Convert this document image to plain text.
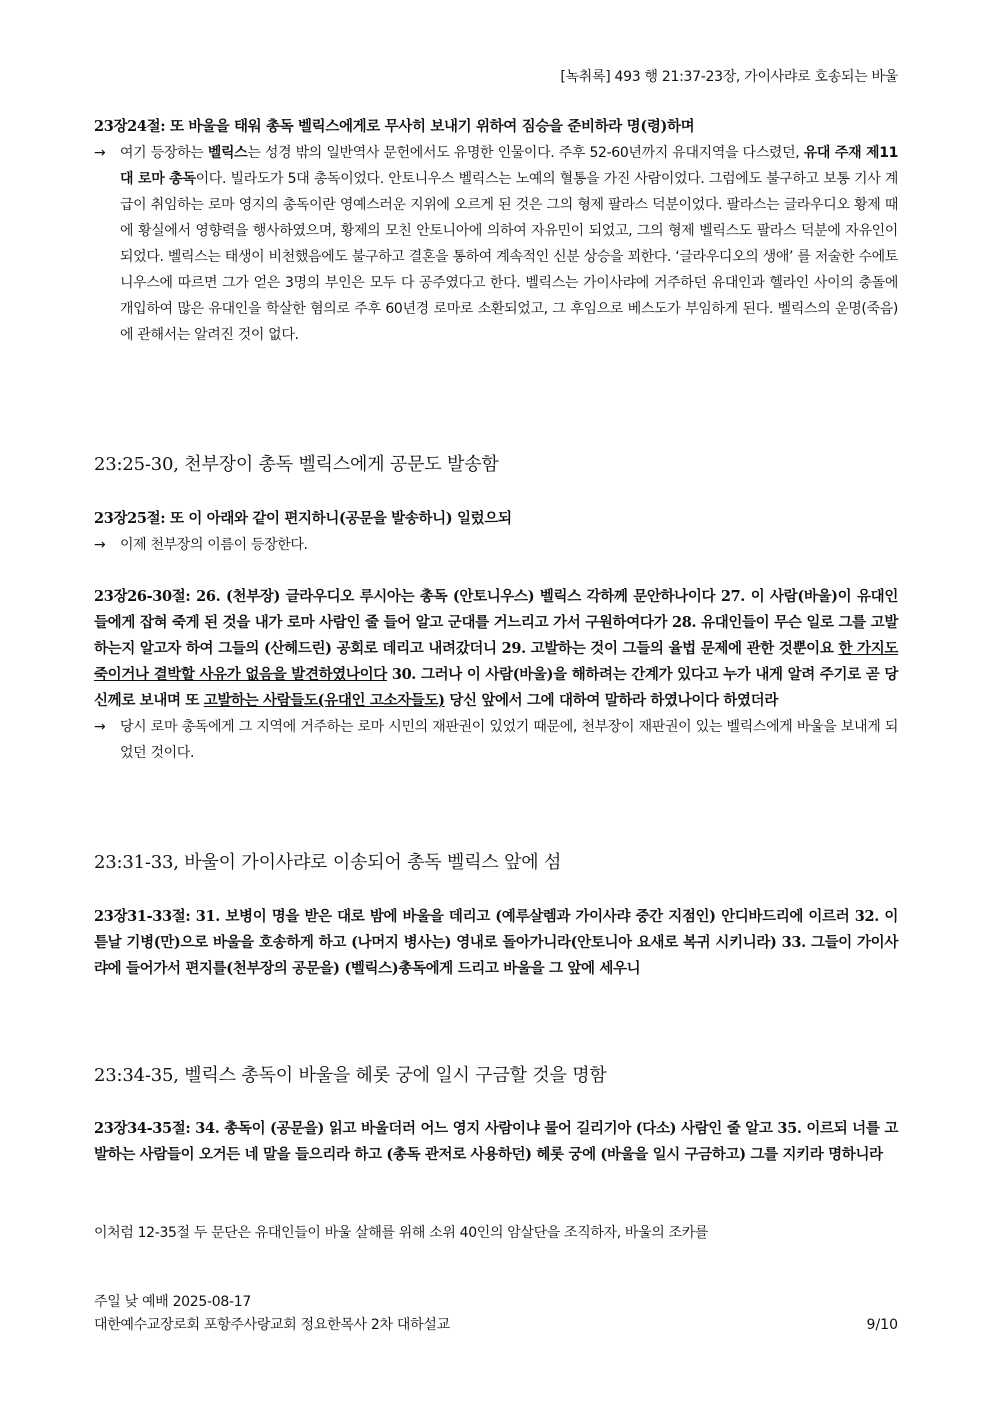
[녹취록] 493 행 21:37-23장, 가이사랴로 호송되는 바울
23장24절: 또 바울을 태워 총독 벨릭스에게로 무사히 보내기 위하여 짐승을 준비하라 명(령)하며
→	여기 등장하는 벨릭스는 성경 밖의 일반역사 문헌에서도 유명한 인물이다. 주후 52-60년까지 유대지역을 다스렸던, 유대 주재 제11대 로마 총독이다. 빌라도가 5대 총독이었다. 안토니우스 벨릭스는 노예의 혈통을 가진 사람이었다. 그럼에도 불구하고 보통 기사 계급이 취임하는 로마 영지의 총독이란 영예스러운 지위에 오르게 된 것은 그의 형제 팔라스 덕분이었다. 팔라스는 글라우디오 황제 때에 황실에서 영향력을 행사하였으며, 황제의 모친 안토니아에 의하여 자유민이 되었고, 그의 형제 벨릭스도 팔라스 덕분에 자유인이 되었다. 벨릭스는 태생이 비천했음에도 불구하고 결혼을 통하여 계속적인 신분 상승을 꾀한다. ‘글라우디오의 생애’ 를 저술한 수에토니우스에 따르면 그가 얻은 3명의 부인은 모두 다 공주였다고 한다. 벨릭스는 가이사랴에 거주하던 유대인과 헬라인 사이의 충돌에 개입하여 많은 유대인을 학살한 혐의로 주후 60년경 로마로 소환되었고, 그 후임으로 베스도가 부임하게 된다. 벨릭스의 운명(죽음)에 관해서는 알려진 것이 없다.
23:25-30, 천부장이 총독 벨릭스에게 공문도 발송함
23장25절: 또 이 아래와 같이 편지하니(공문을 발송하니) 일렀으되
→	이제 천부장의 이름이 등장한다.
23장26-30절: 26. (천부장) 글라우디오 루시아는 총독 (안토니우스) 벨릭스 각하께 문안하나이다 27. 이 사람(바울)이 유대인들에게 잡혀 죽게 된 것을 내가 로마 사람인 줄 들어 알고 군대를 거느리고 가서 구원하여다가 28. 유대인들이 무슨 일로 그를 고발하는지 알고자 하여 그들의 (산헤드린) 공회로 데리고 내려갔더니 29. 고발하는 것이 그들의 율법 문제에 관한 것뿐이요 한 가지도 죽이거나 결박할 사유가 없음을 발견하였나이다 30. 그러나 이 사람(바울)을 해하려는 간계가 있다고 누가 내게 알려 주기로 곧 당신께로 보내며 또 고발하는 사람들도(유대인 고소자들도) 당신 앞에서 그에 대하여 말하라 하였나이다 하였더라
→	당시 로마 총독에게 그 지역에 거주하는 로마 시민의 재판권이 있었기 때문에, 천부장이 재판권이 있는 벨릭스에게 바울을 보내게 되었던 것이다.
23:31-33, 바울이 가이사랴로 이송되어 총독 벨릭스 앞에 섬
23장31-33절: 31. 보병이 명을 받은 대로 밤에 바울을 데리고 (예루살렘과 가이사랴 중간 지점인) 안디바드리에 이르러 32. 이튿날 기병(만)으로 바울을 호송하게 하고 (나머지 병사는) 영내로 돌아가니라(안토니아 요새로 복귀 시키니라) 33. 그들이 가이사랴에 들어가서 편지를(천부장의 공문을) (벨릭스)총독에게 드리고 바울을 그 앞에 세우니
23:34-35, 벨릭스 총독이 바울을 헤롯 궁에 일시 구금할 것을 명함
23장34-35절: 34. 총독이 (공문을) 읽고 바울더러 어느 영지 사람이냐 물어 길리기아 (다소) 사람인 줄 알고 35. 이르되 너를 고발하는 사람들이 오거든 네 말을 들으리라 하고 (총독 관저로 사용하던) 헤롯 궁에 (바울을 일시 구금하고) 그를 지키라 명하니라
이처럼 12-35절 두 문단은 유대인들이 바울 살해를 위해 소위 40인의 암살단을 조직하자, 바울의 조카를
주일 낮 예배 2025-08-17
대한예수교장로회 포항주사랑교회 정요한목사 2차 대하설교	9/10
